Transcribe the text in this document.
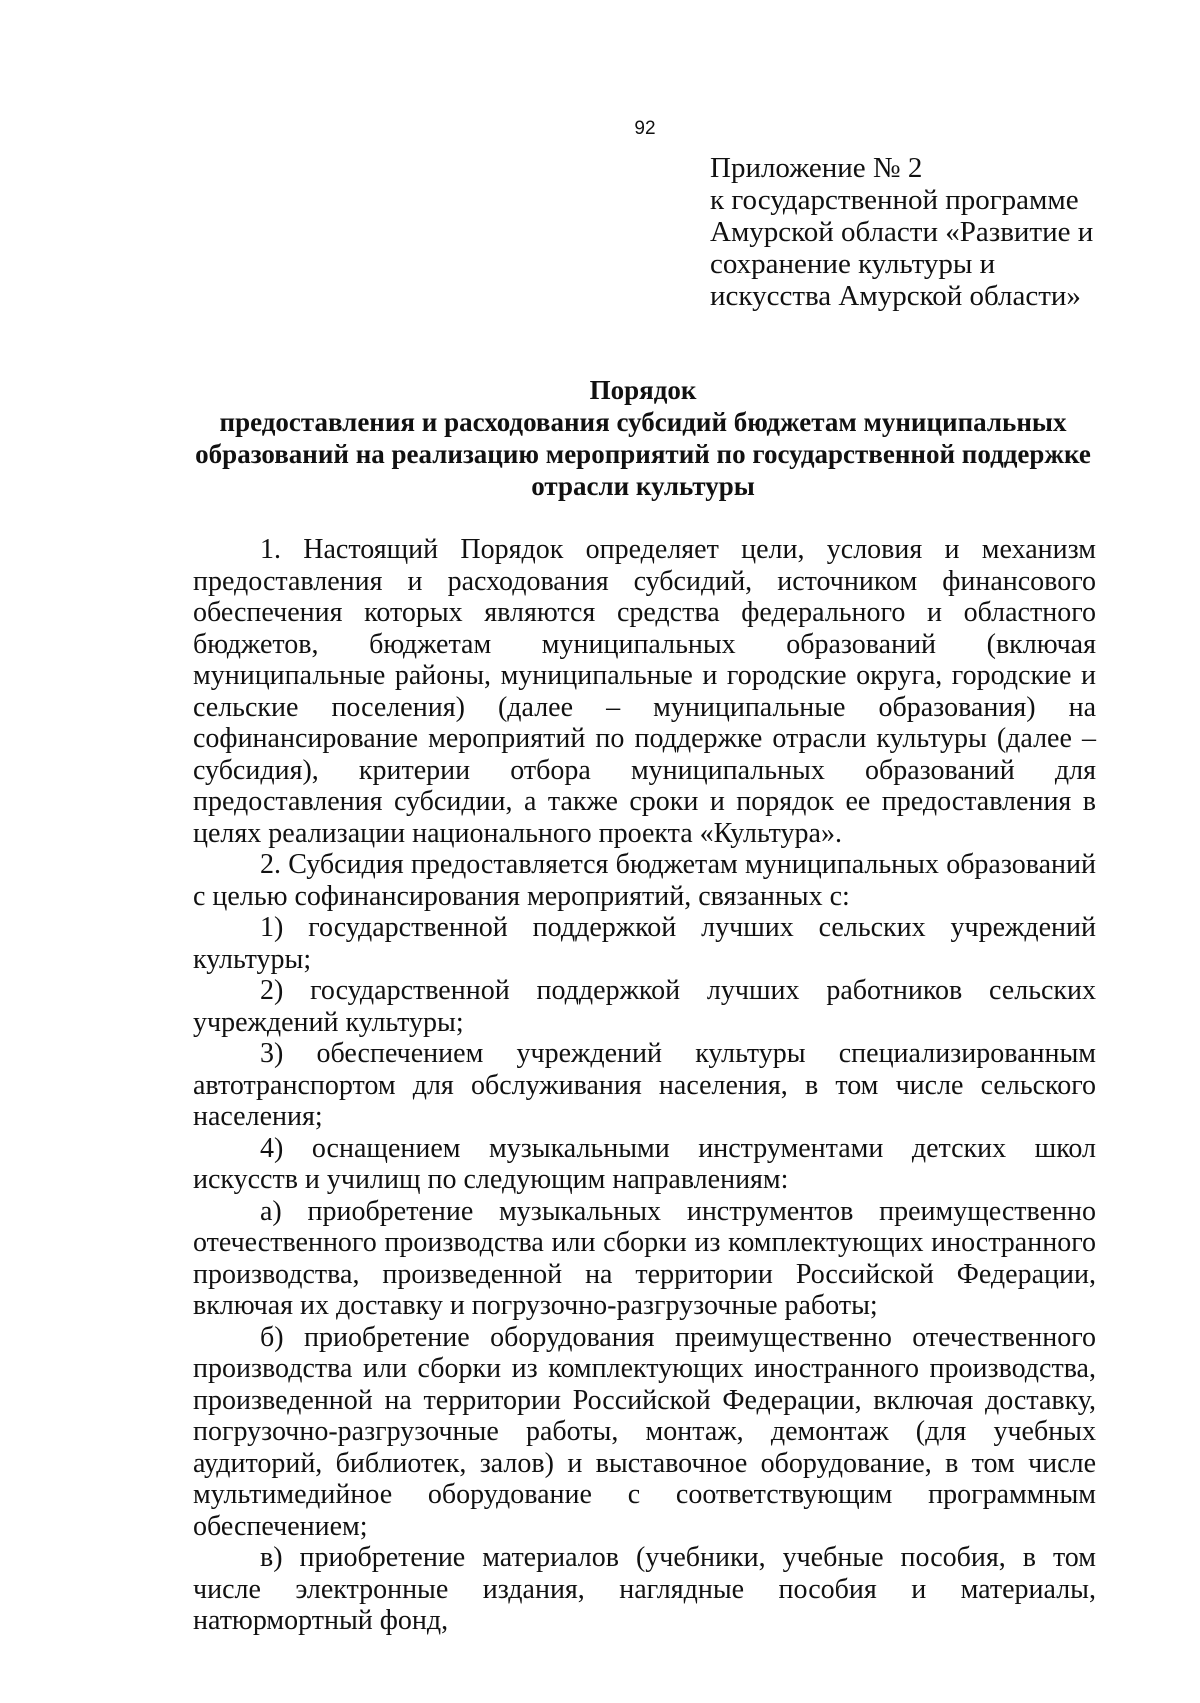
92
Приложение № 2
к государственной программе
Амурской области «Развитие и
сохранение культуры и
искусства Амурской области»
Порядок
предоставления и расходования субсидий бюджетам муниципальных
образований на реализацию мероприятий по государственной поддержке
отрасли культуры

1. Настоящий Порядок определяет цели, условия и механизм предоставления и расходования субсидий, источником финансового обеспечения которых являются средства федерального и областного бюджетов, бюджетам муниципальных образований (включая муниципальные районы, муниципальные и городские округа, городские и сельские поселения) (далее – муниципальные образования) на софинансирование мероприятий по поддержке отрасли культуры (далее – субсидия), критерии отбора муниципальных образований для предоставления субсидии, а также сроки и порядок ее предоставления в целях реализации национального проекта «Культура».

2. Субсидия предоставляется бюджетам муниципальных образований с целью софинансирования мероприятий, связанных с:

1) государственной поддержкой лучших сельских учреждений культуры;

2) государственной поддержкой лучших работников сельских учреждений культуры;

3) обеспечением учреждений культуры специализированным автотранспортом для обслуживания населения, в том числе сельского населения;

4) оснащением музыкальными инструментами детских школ искусств и училищ по следующим направлениям:

а) приобретение музыкальных инструментов преимущественно отечественного производства или сборки из комплектующих иностранного производства, произведенной на территории Российской Федерации, включая их доставку и погрузочно-разгрузочные работы;

б) приобретение оборудования преимущественно отечественного производства или сборки из комплектующих иностранного производства, произведенной на территории Российской Федерации, включая доставку, погрузочно-разгрузочные работы, монтаж, демонтаж (для учебных аудиторий, библиотек, залов) и выставочное оборудование, в том числе мультимедийное оборудование с соответствующим программным обеспечением;

в) приобретение материалов (учебники, учебные пособия, в том числе электронные издания, наглядные пособия и материалы, натюрмортный фонд,
